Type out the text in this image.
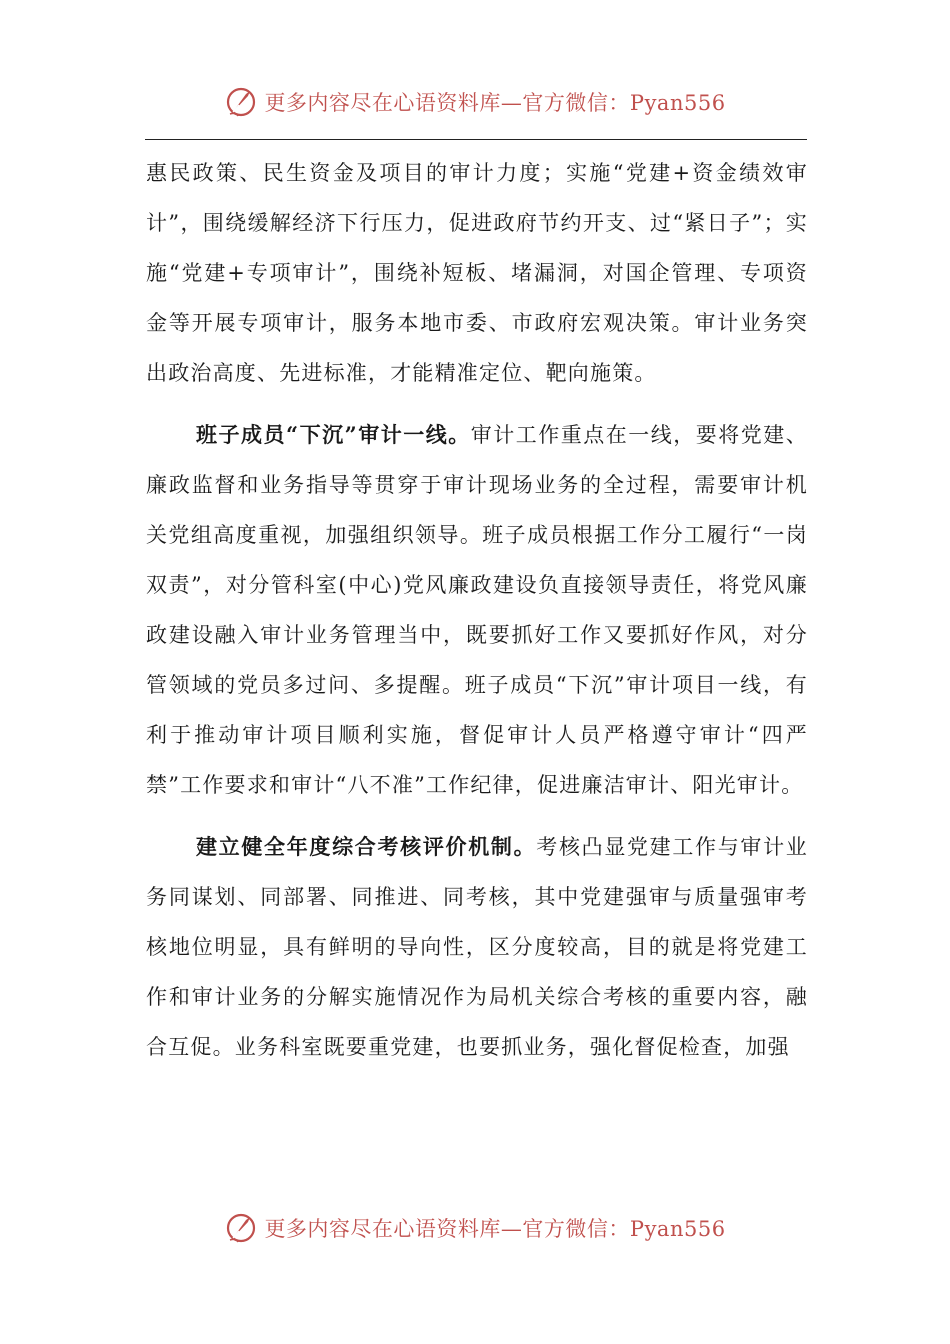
更多内容尽在心语资料库—官方微信：Pyan556

惠民政策、民生资金及项目的审计力度；实施“党建+资金绩效审计”，围绕缓解经济下行压力，促进政府节约开支、过“紧日子”；实施“党建+专项审计”，围绕补短板、堵漏洞，对国企管理、专项资金等开展专项审计，服务本地市委、市政府宏观决策。审计业务突出政治高度、先进标准，才能精准定位、靶向施策。

班子成员“下沉”审计一线。审计工作重点在一线，要将党建、廉政监督和业务指导等贯穿于审计现场业务的全过程，需要审计机关党组高度重视，加强组织领导。班子成员根据工作分工履行“一岗双责”，对分管科室(中心)党风廉政建设负直接领导责任，将党风廉政建设融入审计业务管理当中，既要抓好工作又要抓好作风，对分管领域的党员多过问、多提醒。班子成员“下沉”审计项目一线，有利于推动审计项目顺利实施，督促审计人员严格遵守审计“四严禁”工作要求和审计“八不准”工作纪律，促进廉洁审计、阳光审计。

建立健全年度综合考核评价机制。考核凸显党建工作与审计业务同谋划、同部署、同推进、同考核，其中党建强审与质量强审考核地位明显，具有鲜明的导向性，区分度较高，目的就是将党建工作和审计业务的分解实施情况作为局机关综合考核的重要内容，融合互促。业务科室既要重党建，也要抓业务，强化督促检查，加强

更多内容尽在心语资料库—官方微信：Pyan556
